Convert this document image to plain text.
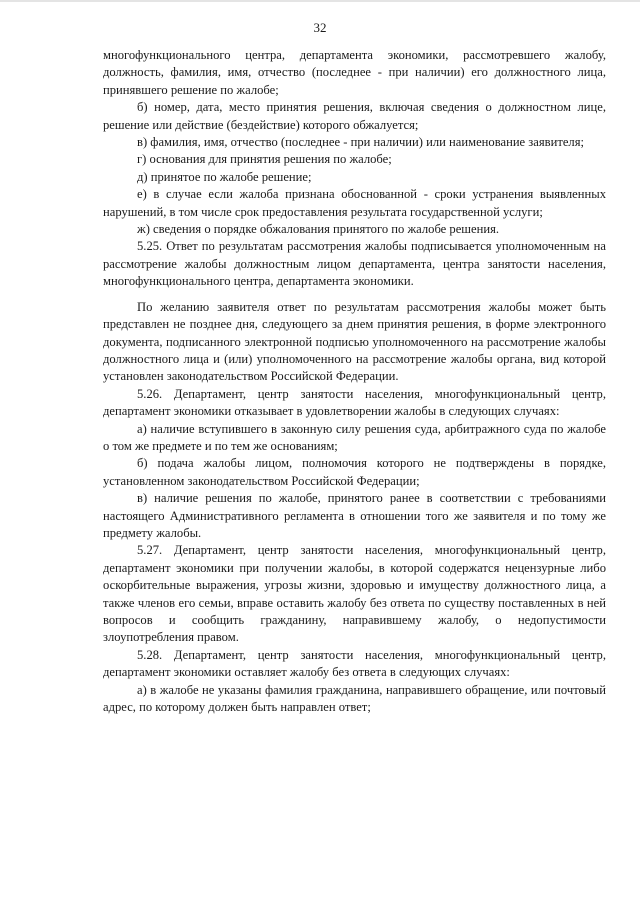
32

многофункционального центра, департамента экономики, рассмотревшего жалобу, должность, фамилия, имя, отчество (последнее - при наличии) его должностного лица, принявшего решение по жалобе;

б) номер, дата, место принятия решения, включая сведения о должностном лице, решение или действие (бездействие) которого обжалуется;

в) фамилия, имя, отчество (последнее - при наличии) или наименование заявителя;

г) основания для принятия решения по жалобе;

д) принятое по жалобе решение;

е) в случае если жалоба признана обоснованной - сроки устранения выявленных нарушений, в том числе срок предоставления результата государственной услуги;

ж) сведения о порядке обжалования принятого по жалобе решения.

5.25. Ответ по результатам рассмотрения жалобы подписывается уполномоченным на рассмотрение жалобы должностным лицом департамента, центра занятости населения, многофункционального центра, департамента экономики.

По желанию заявителя ответ по результатам рассмотрения жалобы может быть представлен не позднее дня, следующего за днем принятия решения, в форме электронного документа, подписанного электронной подписью уполномоченного на рассмотрение жалобы должностного лица и (или) уполномоченного на рассмотрение жалобы органа, вид которой установлен законодательством Российской Федерации.

5.26. Департамент, центр занятости населения, многофункциональный центр, департамент экономики отказывает в удовлетворении жалобы в следующих случаях:

а) наличие вступившего в законную силу решения суда, арбитражного суда по жалобе о том же предмете и по тем же основаниям;

б) подача жалобы лицом, полномочия которого не подтверждены в порядке, установленном законодательством Российской Федерации;

в) наличие решения по жалобе, принятого ранее в соответствии с требованиями настоящего Административного регламента в отношении того же заявителя и по тому же предмету жалобы.

5.27. Департамент, центр занятости населения, многофункциональный центр, департамент экономики при получении жалобы, в которой содержатся нецензурные либо оскорбительные выражения, угрозы жизни, здоровью и имуществу должностного лица, а также членов его семьи, вправе оставить жалобу без ответа по существу поставленных в ней вопросов и сообщить гражданину, направившему жалобу, о недопустимости злоупотребления правом.

5.28. Департамент, центр занятости населения, многофункциональный центр, департамент экономики оставляет жалобу без ответа в следующих случаях:

а) в жалобе не указаны фамилия гражданина, направившего обращение, или почтовый адрес, по которому должен быть направлен ответ;
